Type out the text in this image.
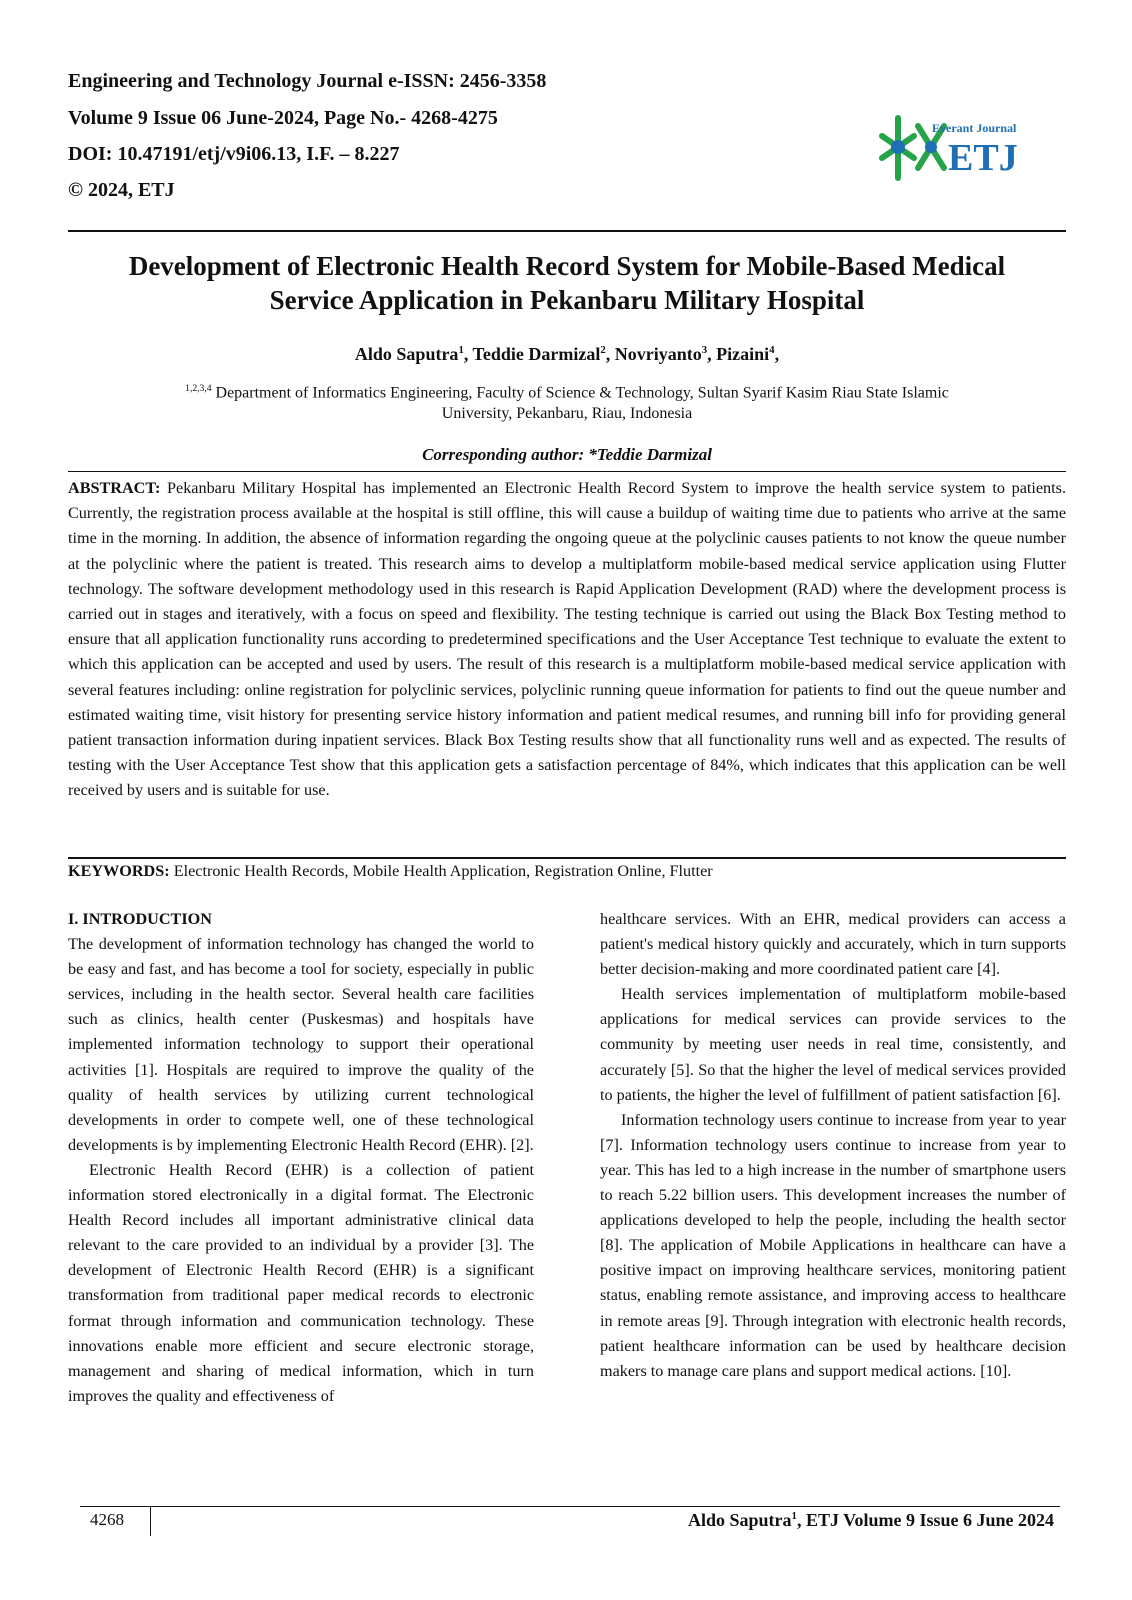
Engineering and Technology Journal e-ISSN: 2456-3358
Volume 9 Issue 06 June-2024, Page No.- 4268-4275
DOI: 10.47191/etj/v9i06.13, I.F. – 8.227
© 2024, ETJ
Everant Journal
ETJ
Development of Electronic Health Record System for Mobile-Based Medical
Service Application in Pekanbaru Military Hospital
Aldo Saputra$^1$, Teddie Darmizal$^2$, Novriyanto$^3$, Pizaini$^4$,
$^{1,2,3,4}$ Department of Informatics Engineering, Faculty of Science & Technology, Sultan Syarif Kasim Riau State Islamic
University, Pekanbaru, Riau, Indonesia
Corresponding author: *Teddie Darmizal
ABSTRACT: Pekanbaru Military Hospital has implemented an Electronic Health Record System to improve the health service system to patients. Currently, the registration process available at the hospital is still offline, this will cause a buildup of waiting time due to patients who arrive at the same time in the morning. In addition, the absence of information regarding the ongoing queue at the polyclinic causes patients to not know the queue number at the polyclinic where the patient is treated. This research aims to develop a multiplatform mobile-based medical service application using Flutter technology. The software development methodology used in this research is Rapid Application Development (RAD) where the development process is carried out in stages and iteratively, with a focus on speed and flexibility. The testing technique is carried out using the Black Box Testing method to ensure that all application functionality runs according to predetermined specifications and the User Acceptance Test technique to evaluate the extent to which this application can be accepted and used by users. The result of this research is a multiplatform mobile-based medical service application with several features including: online registration for polyclinic services, polyclinic running queue information for patients to find out the queue number and estimated waiting time, visit history for presenting service history information and patient medical resumes, and running bill info for providing general patient transaction information during inpatient services. Black Box Testing results show that all functionality runs well and as expected. The results of testing with the User Acceptance Test show that this application gets a satisfaction percentage of 84%, which indicates that this application can be well received by users and is suitable for use.
KEYWORDS: Electronic Health Records, Mobile Health Application, Registration Online, Flutter

I. INTRODUCTION

The development of information technology has changed the world to be easy and fast, and has become a tool for society, especially in public services, including in the health sector. Several health care facilities such as clinics, health center (Puskesmas) and hospitals have implemented information technology to support their operational activities [1]. Hospitals are required to improve the quality of the quality of health services by utilizing current technological developments in order to compete well, one of these technological developments is by implementing Electronic Health Record (EHR). [2].

Electronic Health Record (EHR) is a collection of patient information stored electronically in a digital format. The Electronic Health Record includes all important administrative clinical data relevant to the care provided to an individual by a provider [3]. The development of Electronic Health Record (EHR) is a significant transformation from traditional paper medical records to electronic format through information and communication technology. These innovations enable more efficient and secure electronic storage, management and sharing of medical information, which in turn improves the quality and effectiveness of

healthcare services. With an EHR, medical providers can access a patient's medical history quickly and accurately, which in turn supports better decision-making and more coordinated patient care [4].

Health services implementation of multiplatform mobile-based applications for medical services can provide services to the community by meeting user needs in real time, consistently, and accurately [5]. So that the higher the level of medical services provided to patients, the higher the level of fulfillment of patient satisfaction [6].

Information technology users continue to increase from year to year [7]. Information technology users continue to increase from year to year. This has led to a high increase in the number of smartphone users to reach 5.22 billion users. This development increases the number of applications developed to help the people, including the health sector [8]. The application of Mobile Applications in healthcare can have a positive impact on improving healthcare services, monitoring patient status, enabling remote assistance, and improving access to healthcare in remote areas [9]. Through integration with electronic health records, patient healthcare information can be used by healthcare decision makers to manage care plans and support medical actions. [10].

4268	Aldo Saputra$^1$, ETJ Volume 9 Issue 6 June 2024
